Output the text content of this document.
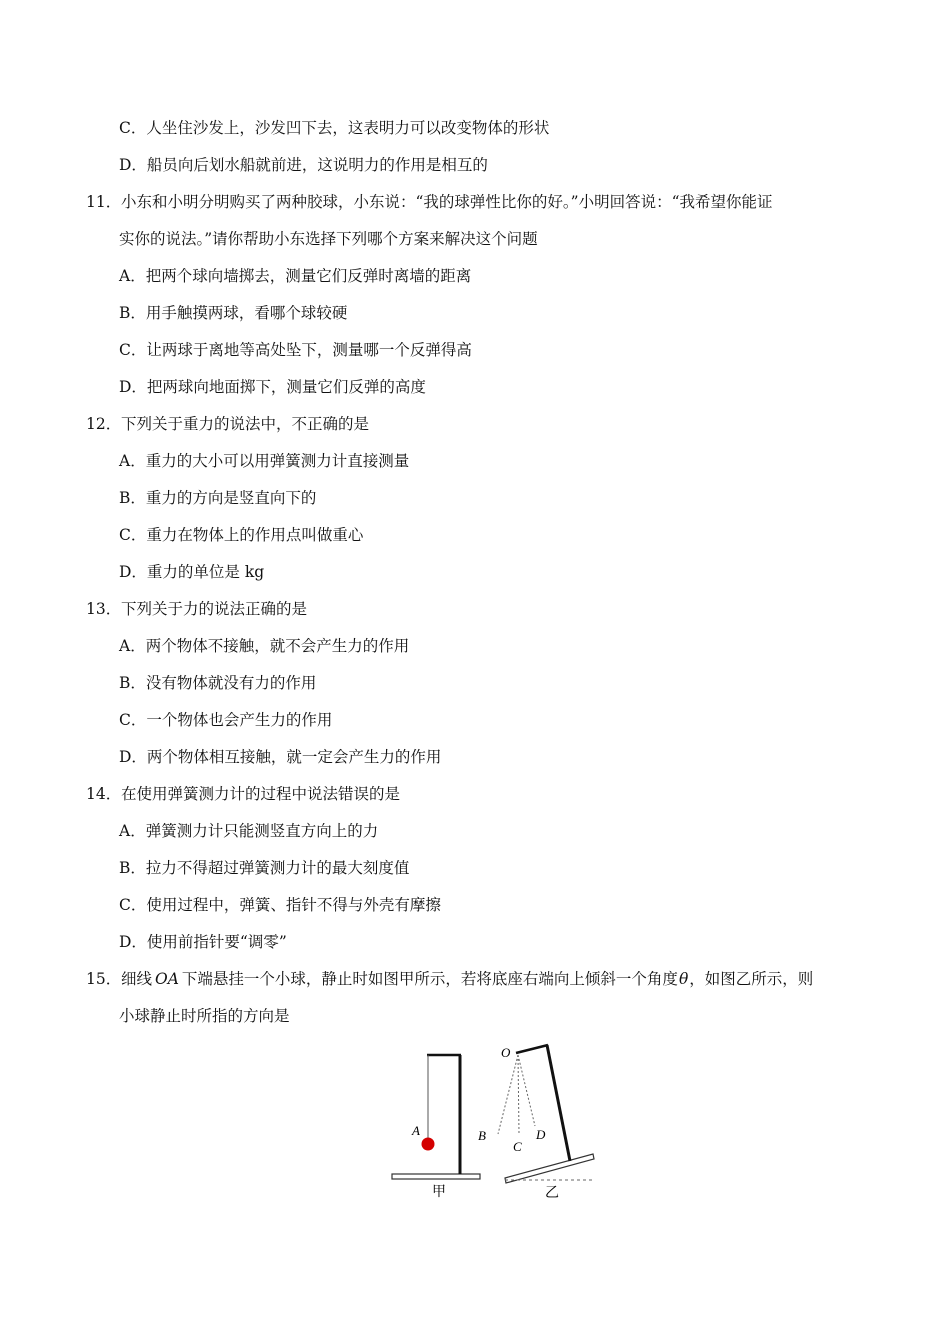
C．人坐住沙发上，沙发凹下去，这表明力可以改变物体的形状
D．船员向后划水船就前进，这说明力的作用是相互的
11． 小东和小明分明购买了两种胶球，小东说：“我的球弹性比你的好。”小明回答说：“我希望你能证
实你的说法。”请你帮助小东选择下列哪个方案来解决这个问题
A．把两个球向墙掷去，测量它们反弹时离墙的距离
B．用手触摸两球，看哪个球较硬
C．让两球于离地等高处坠下，测量哪一个反弹得高
D．把两球向地面掷下，测量它们反弹的高度
12． 下列关于重力的说法中，不正确的是
A．重力的大小可以用弹簧测力计直接测量
B．重力的方向是竖直向下的
C．重力在物体上的作用点叫做重心
D．重力的单位是 kg
13． 下列关于力的说法正确的是
A．两个物体不接触，就不会产生力的作用
B．没有物体就没有力的作用
C．一个物体也会产生力的作用
D．两个物体相互接触，就一定会产生力的作用
14． 在使用弹簧测力计的过程中说法错误的是
A．弹簧测力计只能测竖直方向上的力
B．拉力不得超过弹簧测力计的最大刻度值
C．使用过程中，弹簧、指针不得与外壳有摩擦
D．使用前指针要“调零”
15． 细线 OA 下端悬挂一个小球，静止时如图甲所示，若将底座右端向上倾斜一个角度θ，如图乙所示，则
小球静止时所指的方向是
A
甲
O
B
C
D
乙
